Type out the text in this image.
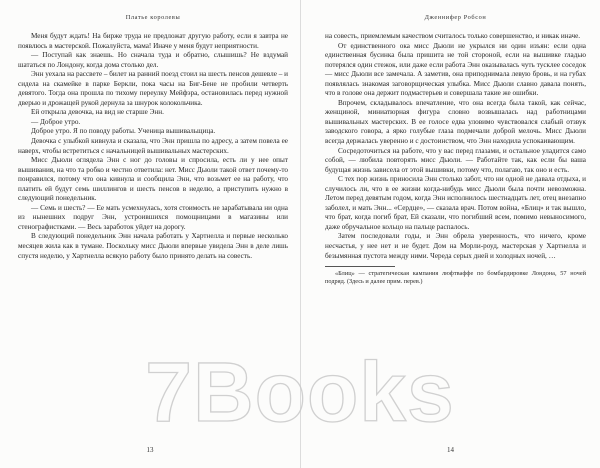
Платье королевы

Меня будут ждать! На бирже труда не предложат другую работу, если я завтра не появлюсь в мастерской. Пожалуйста, мама! Иначе у меня будут неприятности.

— Поступай как знаешь. Но сначала туда и обратно, слышишь? Не вздумай шататься по Лондону, когда дома столько дел.

Энн уехала на рассвете – билет на ранний поезд стоил на шесть пенсов дешевле – и сидела на скамейке в парке Беркли, пока часы на Биг-Бене не пробили четверть девятого. Тогда она прошла по тихому переулку Мейфэра, остановилась перед нужной дверью и дрожащей рукой дернула за шнурок колокольчика.

Ей открыла девочка, на вид не старше Энн.

— Доброе утро.

Доброе утро. Я по поводу работы. Ученица вышивальщица.

Девочка с улыбкой кивнула и сказала, что Энн пришла по адресу, а затем повела ее наверх, чтобы встретиться с начальницей вышивальных мастерских.

Мисс Дьюли оглядела Энн с ног до головы и спросила, есть ли у нее опыт вышивания, на что та робко и честно ответила: нет. Мисс Дьюли такой ответ почему-то понравился, потому что она кивнула и сообщила Энн, что возьмет ее на работу, что платить ей будут семь шиллингов и шесть пенсов в неделю, а приступить нужно в следующий понедельник.

— Семь и шесть? — Ее мать усмехнулась, хотя стоимость не зарабатывала ни одна из нынешних подруг Энн, устроившихся помощницами в магазины или стенографистками. — Весь заработок уйдет на дорогу.

В следующий понедельник Энн начала работать у Хартнелла и первые несколько месяцев жила как в тумане. Поскольку мисс Дьюли впервые увидела Энн в деле лишь спустя неделю, у Хартнелла всякую работу было принято делать на совесть.

13
Дженнифер Робсон

на совесть, приемлемым качеством считалось только совершенство, и никак иначе.

От единственного ока мисс Дьюли не укрылся ни один изъян: если одна единственная бусинка была пришита не той стороной, если на вышивке гладью потерялся один стежок, или даже если работа Энн оказывалась чуть тусклее соседок — мисс Дьюли все замечала. А заметив, она приподнимала левую бровь, и на губах появлялась знакомая заговорщическая улыбка. Мисс Дьюли славно давала понять, что в голове она держит подмастерьев и совершала такие же ошибки.

Впрочем, складывалось впечатление, что она всегда была такой, как сейчас, женщиной, миниатюрная фигура словно возвышалась над работницами вышивальных мастерских. В ее голосе едва уловимо чувствовался слабый отзвук заводского говора, а ярко голубые глаза подмечали доброй мелочь. Мисс Дьюли всегда держалась уверенно и с достоинством, что Энн находила успокаивающим.

Сосредоточиться на работе, что у вас перед глазами, и остальное уладится само собой, — любила повторять мисс Дьюли. — Работайте так, как если бы ваша будущая жизнь зависела от этой вышивки, потому что, полагаю, так оно и есть.

С тех пор жизнь приносила Энн столько забот, что ни одной не давала отдыха, и случилось ли, что в ее жизни когда-нибудь мисс Дьюли была почти невозможна. Летом перед девятым годом, когда Энн исполнилось шестнадцать лет, отец внезапно заболел, и мать Энн... «Сердце», — сказала врач. Потом война, «Блиц» и так вышло, что брат, когда погиб брат, Ей сказали, что погибший всем, помимо невыносимого, даже обручальное кольцо на пальце распалось.

Затем последовали годы, и Энн обрела уверенность, что ничего, кроме несчастья, у нее нет и не будет. Дом на Морли-роуд, мастерская у Хартнелла и безымянная пустота между ними. Череда серых дней и холодных ночей, …

«Блиц» — стратегическая кампания люфтваффе по бомбардировке Лондона, 57 ночей подряд. (Здесь и далее прим. перев.)
14
